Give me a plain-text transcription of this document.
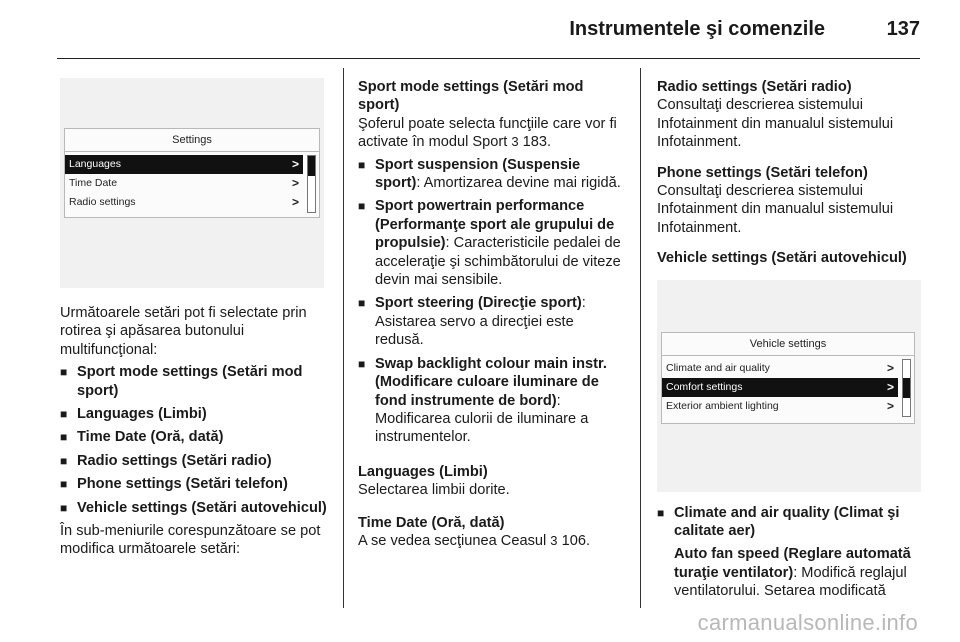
Instrumentele şi comenzile	137
Settings
Languages	>
Time Date	>
Radio settings	>

Următoarele setări pot fi selectate prin rotirea şi apăsarea butonului multifuncţional:

■ Sport mode settings (Setări mod sport)
■ Languages (Limbi)
■ Time Date (Oră, dată)
■ Radio settings (Setări radio)
■ Phone settings (Setări telefon)
■ Vehicle settings (Setări autovehicul)

În sub-meniurile corespunzătoare se pot modifica următoarele setări:

Sport mode settings (Setări mod sport)

Şoferul poate selecta funcţiile care vor fi activate în modul Sport 3 183.

■ Sport suspension (Suspensie sport): Amortizarea devine mai rigidă.
■ Sport powertrain performance (Performanţe sport ale grupului de propulsie): Caracteristicile pedalei de acceleraţie şi schimbătorului de viteze devin mai sensibile.
■ Sport steering (Direcţie sport): Asistarea servo a direcţiei este redusă.
■ Swap backlight colour main instr. (Modificare culoare iluminare de fond instrumente de bord): Modificarea culorii de iluminare a instrumentelor.

Languages (Limbi)

Selectarea limbii dorite.

Time Date (Oră, dată)

A se vedea secţiunea Ceasul 3 106.

Radio settings (Setări radio)

Consultaţi descrierea sistemului Infotainment din manualul sistemului Infotainment.

Phone settings (Setări telefon)

Consultaţi descrierea sistemului Infotainment din manualul sistemului Infotainment.

Vehicle settings (Setări autovehicul)

Vehicle settings
Climate and air quality	>
Comfort settings	>
Exterior ambient lighting	>
■ Climate and air quality (Climat şi calitate aer)

Auto fan speed (Reglare automată turaţie ventilator): Modifică reglajul ventilatorului. Setarea modificată

carmanualsonline.info
